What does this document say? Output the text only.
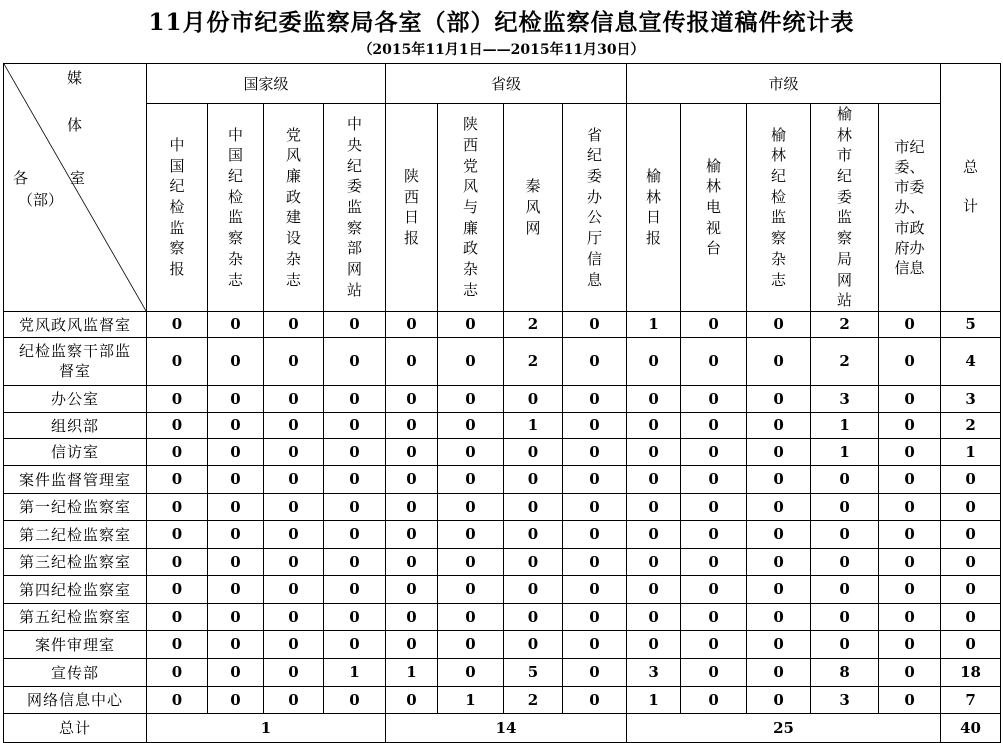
11月份市纪委监察局各室（部）纪检监察信息宣传报道稿件统计表
（2015年11月1日——2015年11月30日）
媒
体
各 室
（部）	国家级				省级				市级					总计
	中国纪检监察报	中国纪检监察杂志	党风廉政建设杂志	中央纪委监察部网站	陕西日报	陕西党风与廉政杂志	秦风网	省纪委办公厅信息	榆林日报	榆林电视台	榆林纪检监察杂志	榆林市纪委监察局网站	市纪委、市委办、市政府办信息	
党风政风监督室	0	0	0	0	0	0	2	0	1	0	0	2	0	5
纪检监察干部监督室	0	0	0	0	0	0	2	0	0	0	0	2	0	4
办公室	0	0	0	0	0	0	0	0	0	0	0	3	0	3
组织部	0	0	0	0	0	0	1	0	0	0	0	1	0	2
信访室	0	0	0	0	0	0	0	0	0	0	0	1	0	1
案件监督管理室	0	0	0	0	0	0	0	0	0	0	0	0	0	0
第一纪检监察室	0	0	0	0	0	0	0	0	0	0	0	0	0	0
第二纪检监察室	0	0	0	0	0	0	0	0	0	0	0	0	0	0
第三纪检监察室	0	0	0	0	0	0	0	0	0	0	0	0	0	0
第四纪检监察室	0	0	0	0	0	0	0	0	0	0	0	0	0	0
第五纪检监察室	0	0	0	0	0	0	0	0	0	0	0	0	0	0
案件审理室	0	0	0	0	0	0	0	0	0	0	0	0	0	0
宣传部	0	0	0	1	1	0	5	0	3	0	0	8	0	18
网络信息中心	0	0	0	0	0	1	2	0	1	0	0	3	0	7
总计	1				14				25					40
